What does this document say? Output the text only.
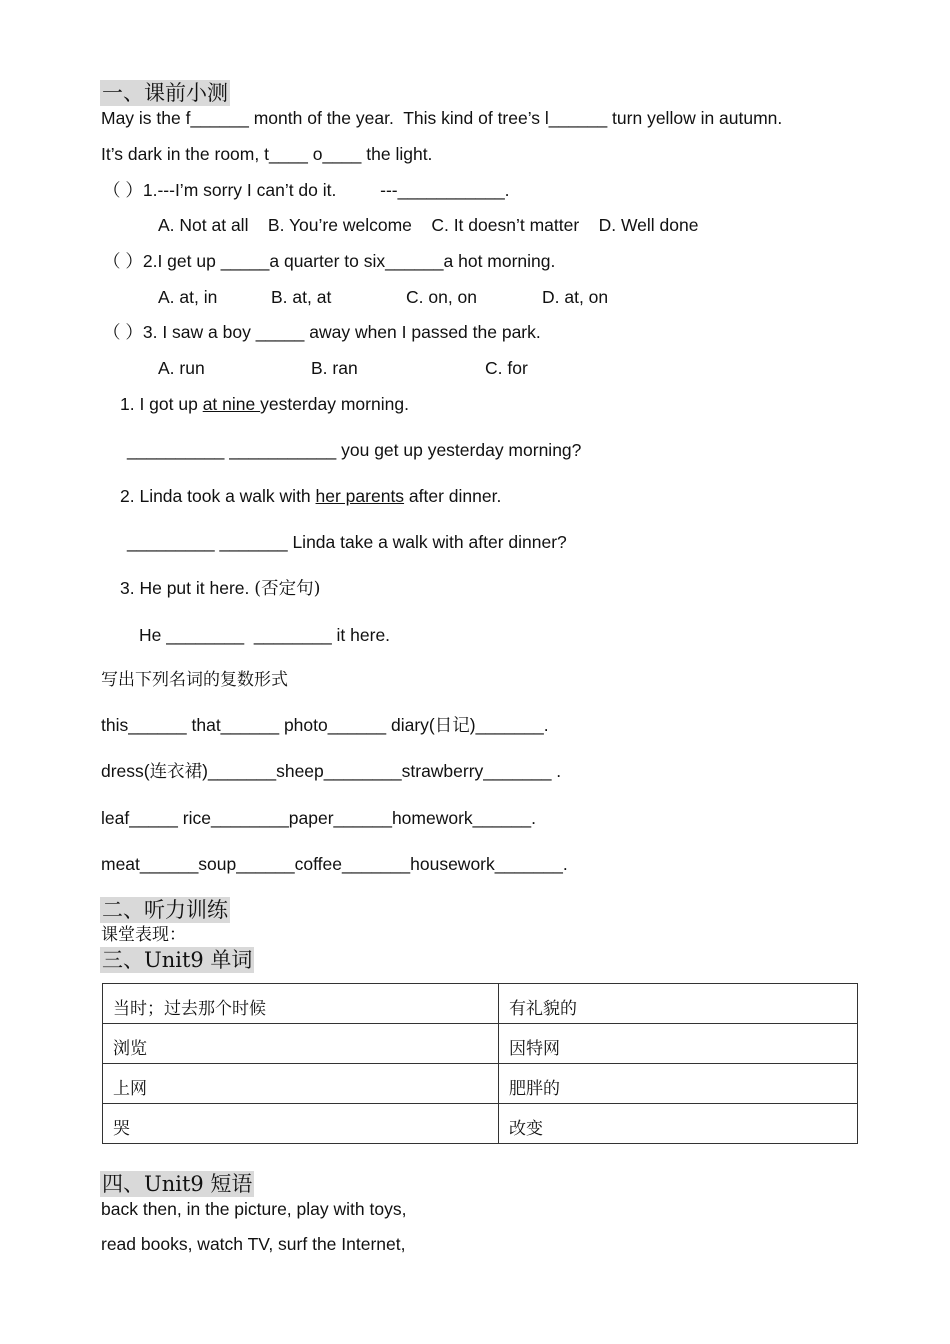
一、课前小测
May is the f______ month of the year.  This kind of tree’s l______ turn yellow in autumn.
It’s dark in the room, t____ o____ the light.
（ ）1.---I’m sorry I can’t do it.         ---___________.
A. Not at all    B. You’re welcome    C. It doesn’t matter    D. Well done
（ ）2.I get up _____a quarter to six______a hot morning.
A. at, in	B. at, at	C. on, on	D. at, on
（ ）3. I saw a boy _____ away when I passed the park.
A. run	B. ran	C. for
1. I got up at nine yesterday morning.
__________ ___________ you get up yesterday morning?
2. Linda took a walk with her parents after dinner.
_________ _______ Linda take a walk with after dinner?
3. He put it here. (否定句)
He ________  ________ it here.
写出下列名词的复数形式
this______ that______ photo______ diary(日记)_______.
dress(连衣裙)_______sheep________strawberry_______ .
leaf_____ rice________paper______homework______.
meat______soup______coffee_______housework_______.
二、听力训练
课堂表现：
三、Unit9 单词
当时；过去那个时候	有礼貌的
浏览	因特网
上网	肥胖的
哭	改变
四、Unit9 短语
back then, in the picture, play with toys,
read books, watch TV, surf the Internet,
